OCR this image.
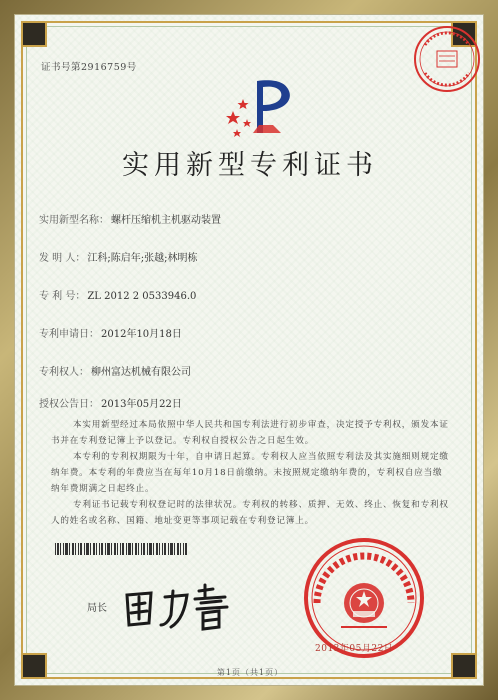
证书号第2916759号
实用新型专利证书
实用新型名称： 螺杆压缩机主机驱动装置
发 明 人： 江科;陈启年;张越;林明栋
专 利 号： ZL 2012 2 0533946.0
专利申请日： 2012年10月18日
专利权人： 柳州富达机械有限公司
授权公告日： 2013年05月22日
本实用新型经过本局依照中华人民共和国专利法进行初步审查，决定授予专利权，颁发本证书并在专利登记簿上予以登记。专利权自授权公告之日起生效。
本专利的专利权期限为十年，自申请日起算。专利权人应当依照专利法及其实施细则规定缴纳年费。本专利的年费应当在每年10月18日前缴纳。未按照规定缴纳年费的，专利权自应当缴纳年费期满之日起终止。
专利证书记载专利权登记时的法律状况。专利权的转移、质押、无效、终止、恢复和专利权人的姓名或名称、国籍、地址变更等事项记载在专利登记簿上。
局长
2013年05月22日
第1页（共1页）
